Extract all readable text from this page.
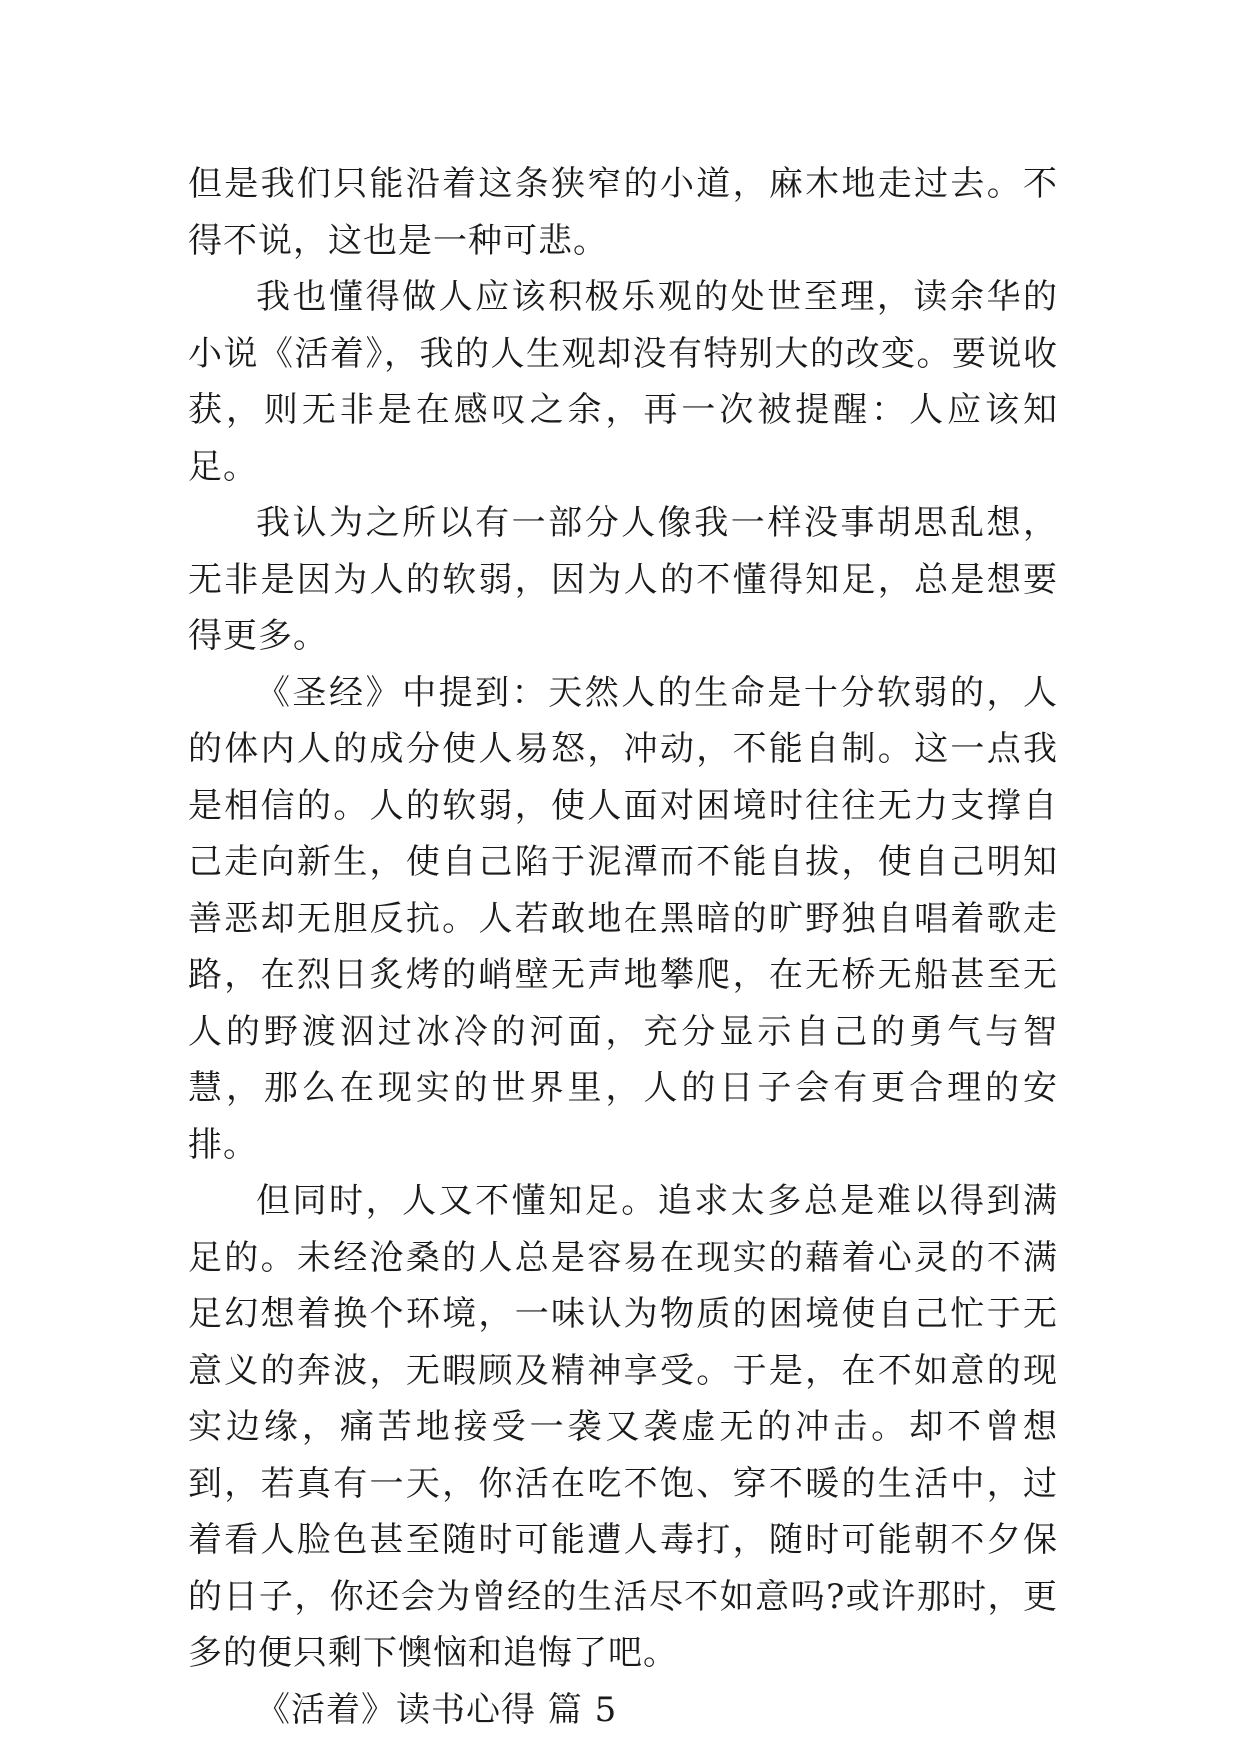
但是我们只能沿着这条狭窄的小道，麻木地走过去。不得不说，这也是一种可悲。

我也懂得做人应该积极乐观的处世至理，读余华的小说《活着》，我的人生观却没有特别大的改变。要说收获，则无非是在感叹之余，再一次被提醒：人应该知足。

我认为之所以有一部分人像我一样没事胡思乱想，无非是因为人的软弱，因为人的不懂得知足，总是想要得更多。

《圣经》中提到：天然人的生命是十分软弱的，人的体内人的成分使人易怒，冲动，不能自制。这一点我是相信的。人的软弱，使人面对困境时往往无力支撑自己走向新生，使自己陷于泥潭而不能自拔，使自己明知善恶却无胆反抗。人若敢地在黑暗的旷野独自唱着歌走路，在烈日炙烤的峭壁无声地攀爬，在无桥无船甚至无人的野渡泅过冰冷的河面，充分显示自己的勇气与智慧，那么在现实的世界里，人的日子会有更合理的安排。

但同时，人又不懂知足。追求太多总是难以得到满足的。未经沧桑的人总是容易在现实的藉着心灵的不满足幻想着换个环境，一味认为物质的困境使自己忙于无意义的奔波，无暇顾及精神享受。于是，在不如意的现实边缘，痛苦地接受一袭又袭虚无的冲击。却不曾想到，若真有一天，你活在吃不饱、穿不暖的生活中，过着看人脸色甚至随时可能遭人毒打，随时可能朝不夕保的日子，你还会为曾经的生活尽不如意吗?或许那时，更多的便只剩下懊恼和追悔了吧。

《活着》读书心得 篇 5
